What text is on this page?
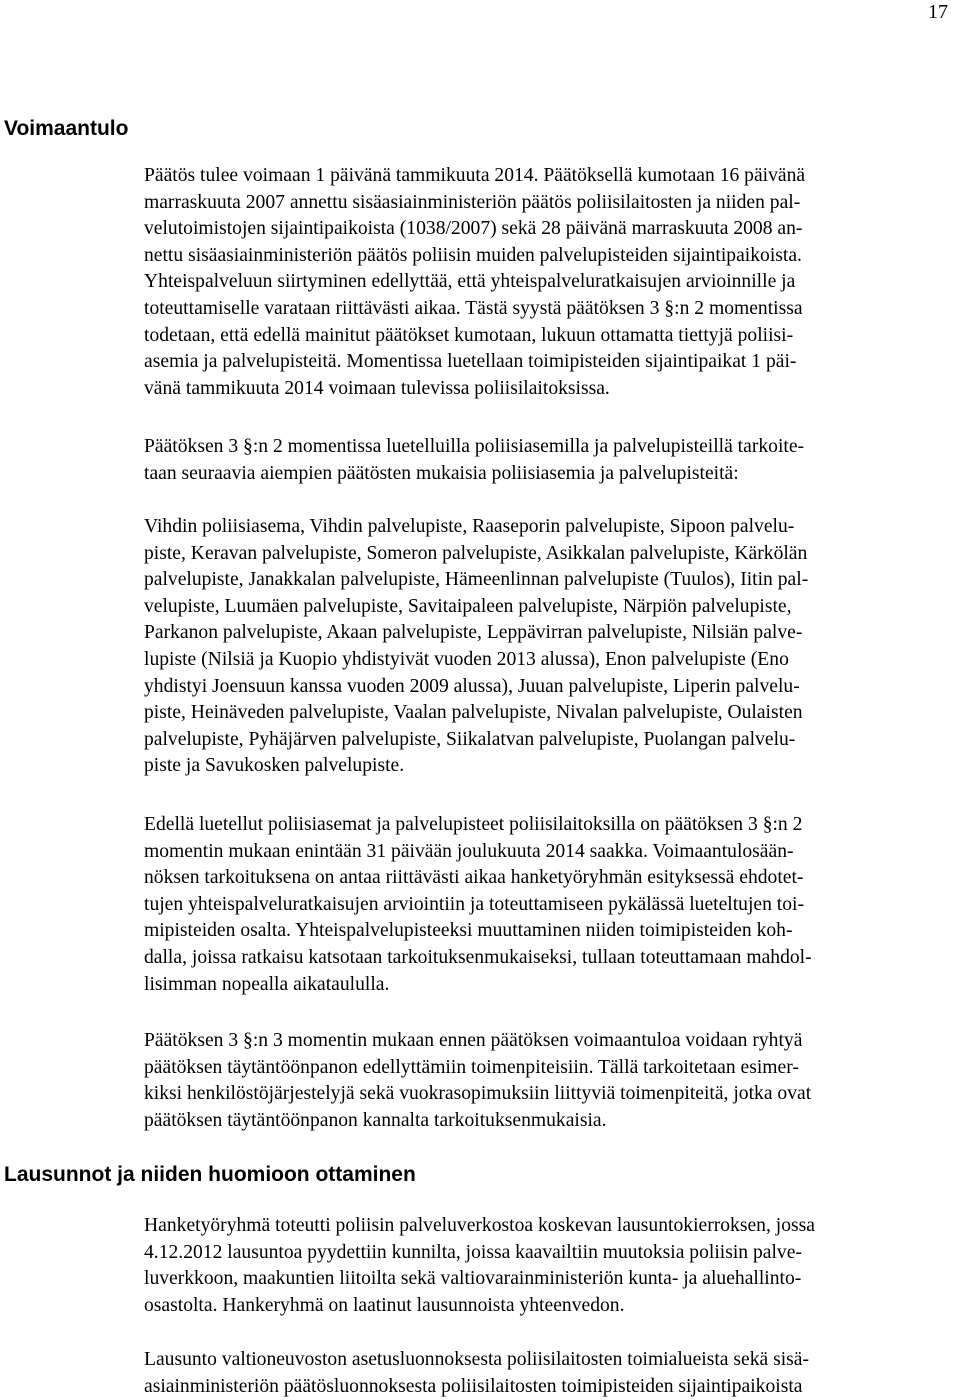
17
Voimaantulo
Päätös tulee voimaan 1 päivänä tammikuuta 2014. Päätöksellä kumotaan 16 päivänä
marraskuuta 2007 annettu sisäasiainministeriön päätös poliisilaitosten ja niiden pal-
velutoimistojen sijaintipaikoista (1038/2007) sekä 28 päivänä marraskuuta 2008 an-
nettu sisäasiainministeriön päätös poliisin muiden palvelupisteiden sijaintipaikoista.
Yhteispalveluun siirtyminen edellyttää, että yhteispalveluratkaisujen arvioinnille ja
toteuttamiselle varataan riittävästi aikaa. Tästä syystä päätöksen 3 §:n 2 momentissa
todetaan, että edellä mainitut päätökset kumotaan, lukuun ottamatta tiettyjä poliisi-
asemia ja palvelupisteitä. Momentissa luetellaan toimipisteiden sijaintipaikat 1 päi-
vänä tammikuuta 2014 voimaan tulevissa poliisilaitoksissa.
Päätöksen 3 §:n 2 momentissa luetelluilla poliisiasemilla ja palvelupisteillä tarkoite-
taan seuraavia aiempien päätösten mukaisia poliisiasemia ja palvelupisteitä:
Vihdin poliisiasema, Vihdin palvelupiste, Raaseporin palvelupiste, Sipoon palvelu-
piste, Keravan palvelupiste, Someron palvelupiste, Asikkalan palvelupiste, Kärkölän
palvelupiste, Janakkalan palvelupiste, Hämeenlinnan palvelupiste (Tuulos), Iitin pal-
velupiste, Luumäen palvelupiste, Savitaipaleen palvelupiste, Närpiön palvelupiste,
Parkanon palvelupiste, Akaan palvelupiste, Leppävirran palvelupiste, Nilsiän palve-
lupiste (Nilsiä ja Kuopio yhdistyivät vuoden 2013 alussa), Enon palvelupiste (Eno
yhdistyi Joensuun kanssa vuoden 2009 alussa), Juuan palvelupiste, Liperin palvelu-
piste, Heinäveden palvelupiste, Vaalan palvelupiste, Nivalan palvelupiste, Oulaisten
palvelupiste, Pyhäjärven palvelupiste, Siikalatvan palvelupiste, Puolangan palvelu-
piste ja Savukosken palvelupiste.
Edellä luetellut poliisiasemat ja palvelupisteet poliisilaitoksilla on päätöksen 3 §:n 2
momentin mukaan enintään 31 päivään joulukuuta 2014 saakka. Voimaantulosään-
nöksen tarkoituksena on antaa riittävästi aikaa hanketyöryhmän esityksessä ehdotet-
tujen yhteispalveluratkaisujen arviointiin ja toteuttamiseen pykälässä lueteltujen toi-
mipisteiden osalta. Yhteispalvelupisteeksi muuttaminen niiden toimipisteiden koh-
dalla, joissa ratkaisu katsotaan tarkoituksenmukaiseksi, tullaan toteuttamaan mahdol-
lisimman nopealla aikataululla.
Päätöksen 3 §:n 3 momentin mukaan ennen päätöksen voimaantuloa voidaan ryhtyä
päätöksen täytäntöönpanon edellyttämiin toimenpiteisiin. Tällä tarkoitetaan esimer-
kiksi henkilöstöjärjestelyjä sekä vuokrasopimuksiin liittyviä toimenpiteitä, jotka ovat
päätöksen täytäntöönpanon kannalta tarkoituksenmukaisia.
Lausunnot ja niiden huomioon ottaminen
Hanketyöryhmä toteutti poliisin palveluverkostoa koskevan lausuntokierroksen, jossa
4.12.2012 lausuntoa pyydettiin kunnilta, joissa kaavailtiin muutoksia poliisin palve-
luverkkoon, maakuntien liitoilta sekä valtiovarainministeriön kunta- ja aluehallinto-
osastolta. Hankeryhmä on laatinut lausunnoista yhteenvedon.
Lausunto valtioneuvoston asetusluonnoksesta poliisilaitosten toimialueista sekä sisä-
asiainministeriön päätösluonnoksesta poliisilaitosten toimipisteiden sijaintipaikoista
